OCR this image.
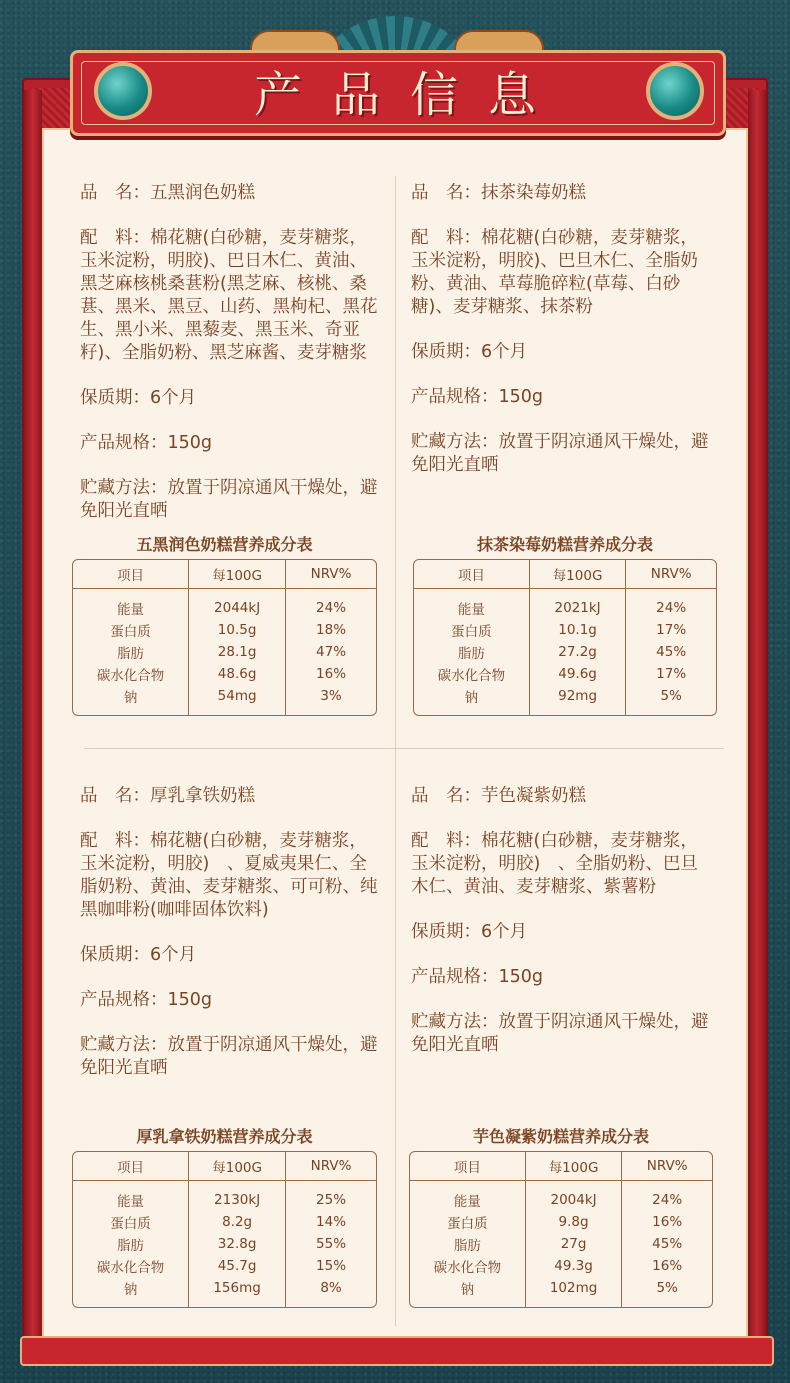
产品信息

品　名：五黑润色奶糕

配　料：棉花糖(白砂糖，麦芽糖浆，玉米淀粉，明胶)、巴日木仁、黄油、黑芝麻核桃桑葚粉(黑芝麻、核桃、桑葚、黑米、黑豆、山药、黑枸杞、黑花生、黑小米、黑藜麦、黑玉米、奇亚籽)、全脂奶粉、黑芝麻酱、麦芽糖浆

保质期：6个月

产品规格：150g

贮藏方法：放置于阴凉通风干燥处，避免阳光直晒

五黑润色奶糕营养成分表
项目	每100G	NRV%
能量	2044kJ	24%
蛋白质	10.5g	18%
脂肪	28.1g	47%
碳水化合物	48.6g	16%
钠	54mg	3%

品　名：抹茶染莓奶糕

配　料：棉花糖(白砂糖，麦芽糖浆，玉米淀粉，明胶)、巴旦木仁、全脂奶粉、黄油、草莓脆碎粒(草莓、白砂糖)、麦芽糖浆、抹茶粉

保质期：6个月

产品规格：150g

贮藏方法：放置于阴凉通风干燥处，避免阳光直晒

抹茶染莓奶糕营养成分表
项目	每100G	NRV%
能量	2021kJ	24%
蛋白质	10.1g	17%
脂肪	27.2g	45%
碳水化合物	49.6g	17%
钠	92mg	5%

品　名：厚乳拿铁奶糕

配　料：棉花糖(白砂糖，麦芽糖浆，玉米淀粉，明胶)　、夏威夷果仁、全脂奶粉、黄油、麦芽糖浆、可可粉、纯黑咖啡粉(咖啡固体饮料)

保质期：6个月

产品规格：150g

贮藏方法：放置于阴凉通风干燥处，避免阳光直晒

厚乳拿铁奶糕营养成分表
项目	每100G	NRV%
能量	2130kJ	25%
蛋白质	8.2g	14%
脂肪	32.8g	55%
碳水化合物	45.7g	15%
钠	156mg	8%

品　名：芋色凝紫奶糕

配　料：棉花糖(白砂糖，麦芽糖浆，玉米淀粉，明胶)　、全脂奶粉、巴旦木仁、黄油、麦芽糖浆、紫薯粉

保质期：6个月

产品规格：150g

贮藏方法：放置于阴凉通风干燥处，避免阳光直晒

芋色凝紫奶糕营养成分表
项目	每100G	NRV%
能量	2004kJ	24%
蛋白质	9.8g	16%
脂肪	27g	45%
碳水化合物	49.3g	16%
钠	102mg	5%
